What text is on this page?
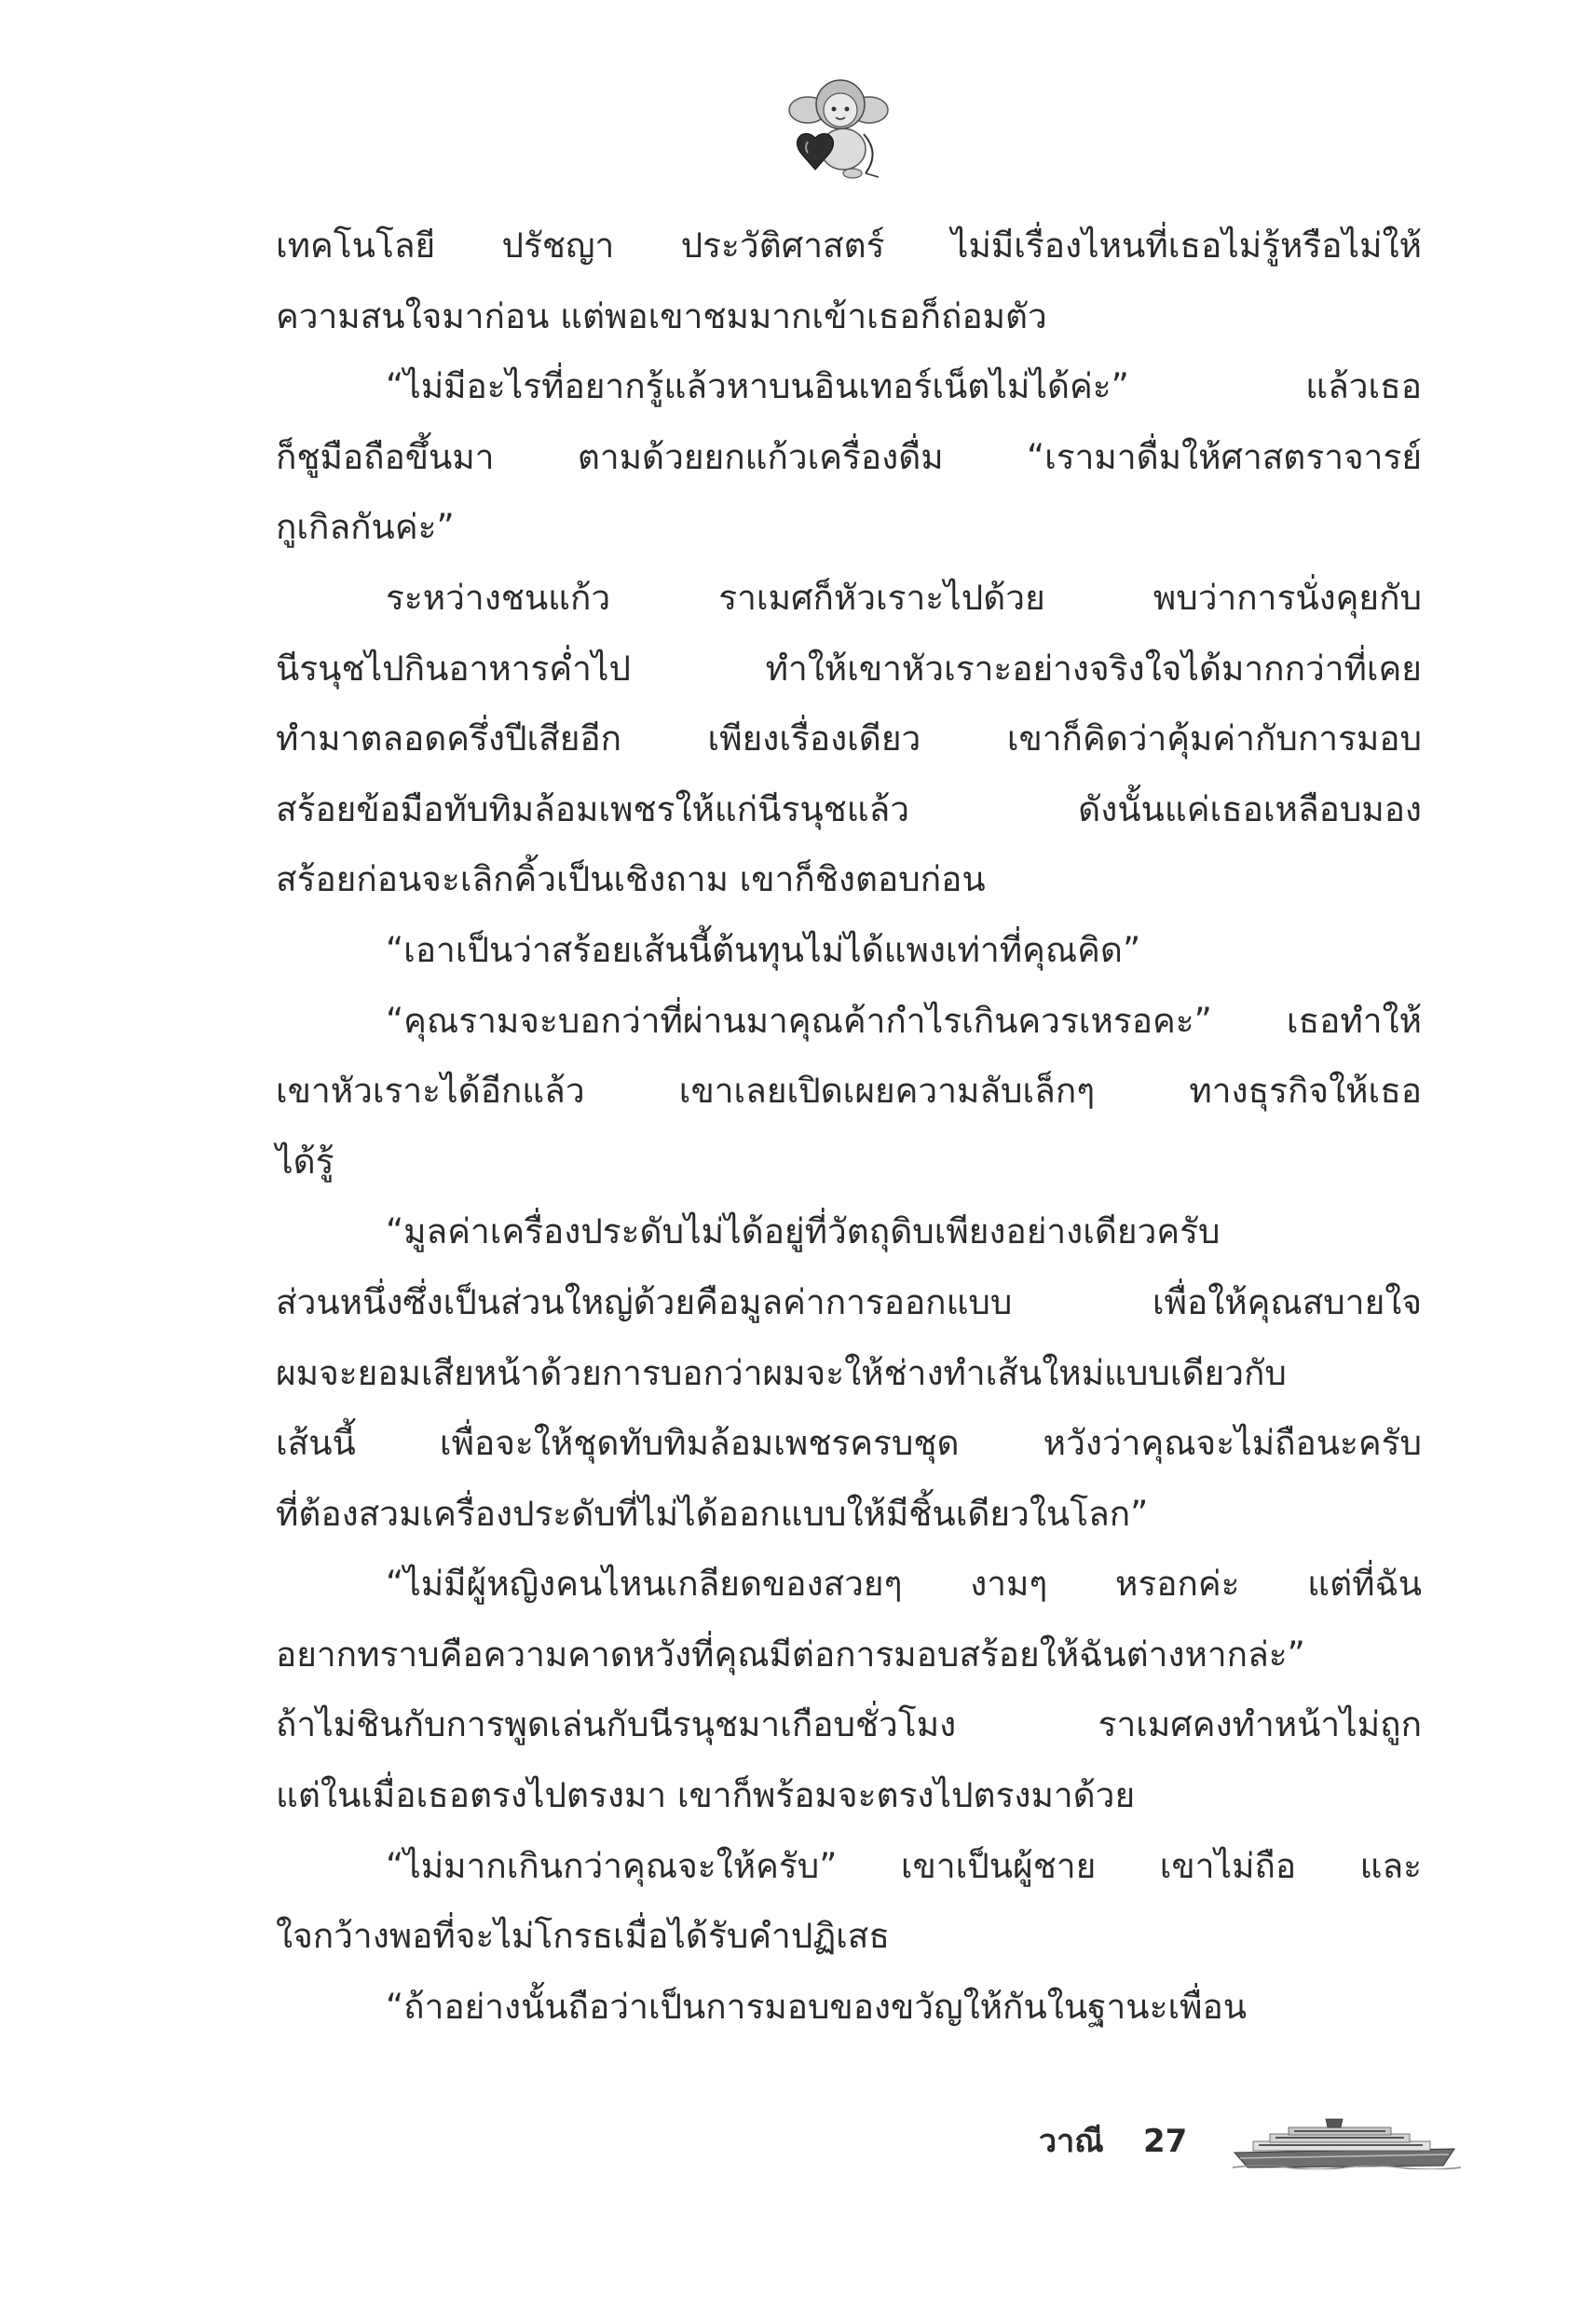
เทคโนโลยี ปรัชญา ประวัติศาสตร์ ไม่มีเรื่องไหนที่เธอไม่รู้หรือไม่ให้
ความสนใจมาก่อน แต่พอเขาชมมากเข้าเธอก็ถ่อมตัว
“ไม่มีอะไรที่อยากรู้แล้วหาบนอินเทอร์เน็ตไม่ได้ค่ะ” แล้วเธอ
ก็ชูมือถือขึ้นมา ตามด้วยยกแก้วเครื่องดื่ม “เรามาดื่มให้ศาสตราจารย์
กูเกิลกันค่ะ”
ระหว่างชนแก้ว ราเมศก็หัวเราะไปด้วย พบว่าการนั่งคุยกับ
นีรนุชไปกินอาหารค่ำไป ทำให้เขาหัวเราะอย่างจริงใจได้มากกว่าที่เคย
ทำมาตลอดครึ่งปีเสียอีก เพียงเรื่องเดียว เขาก็คิดว่าคุ้มค่ากับการมอบ
สร้อยข้อมือทับทิมล้อมเพชรให้แก่นีรนุชแล้ว ดังนั้นแค่เธอเหลือบมอง
สร้อยก่อนจะเลิกคิ้วเป็นเชิงถาม เขาก็ชิงตอบก่อน
“เอาเป็นว่าสร้อยเส้นนี้ต้นทุนไม่ได้แพงเท่าที่คุณคิด”
“คุณรามจะบอกว่าที่ผ่านมาคุณค้ากำไรเกินควรเหรอคะ” เธอทำให้
เขาหัวเราะได้อีกแล้ว เขาเลยเปิดเผยความลับเล็กๆ ทางธุรกิจให้เธอ
ได้รู้
“มูลค่าเครื่องประดับไม่ได้อยู่ที่วัตถุดิบเพียงอย่างเดียวครับ
ส่วนหนึ่งซึ่งเป็นส่วนใหญ่ด้วยคือมูลค่าการออกแบบ เพื่อให้คุณสบายใจ
ผมจะยอมเสียหน้าด้วยการบอกว่าผมจะให้ช่างทำเส้นใหม่แบบเดียวกับ
เส้นนี้ เพื่อจะให้ชุดทับทิมล้อมเพชรครบชุด หวังว่าคุณจะไม่ถือนะครับ
ที่ต้องสวมเครื่องประดับที่ไม่ได้ออกแบบให้มีชิ้นเดียวในโลก”
“ไม่มีผู้หญิงคนไหนเกลียดของสวยๆ งามๆ หรอกค่ะ แต่ที่ฉัน
อยากทราบคือความคาดหวังที่คุณมีต่อการมอบสร้อยให้ฉันต่างหากล่ะ”
ถ้าไม่ชินกับการพูดเล่นกับนีรนุชมาเกือบชั่วโมง ราเมศคงทำหน้าไม่ถูก
แต่ในเมื่อเธอตรงไปตรงมา เขาก็พร้อมจะตรงไปตรงมาด้วย
“ไม่มากเกินกว่าคุณจะให้ครับ” เขาเป็นผู้ชาย เขาไม่ถือ และ
ใจกว้างพอที่จะไม่โกรธเมื่อได้รับคำปฏิเสธ
“ถ้าอย่างนั้นถือว่าเป็นการมอบของขวัญให้กันในฐานะเพื่อน
วาณี 27
